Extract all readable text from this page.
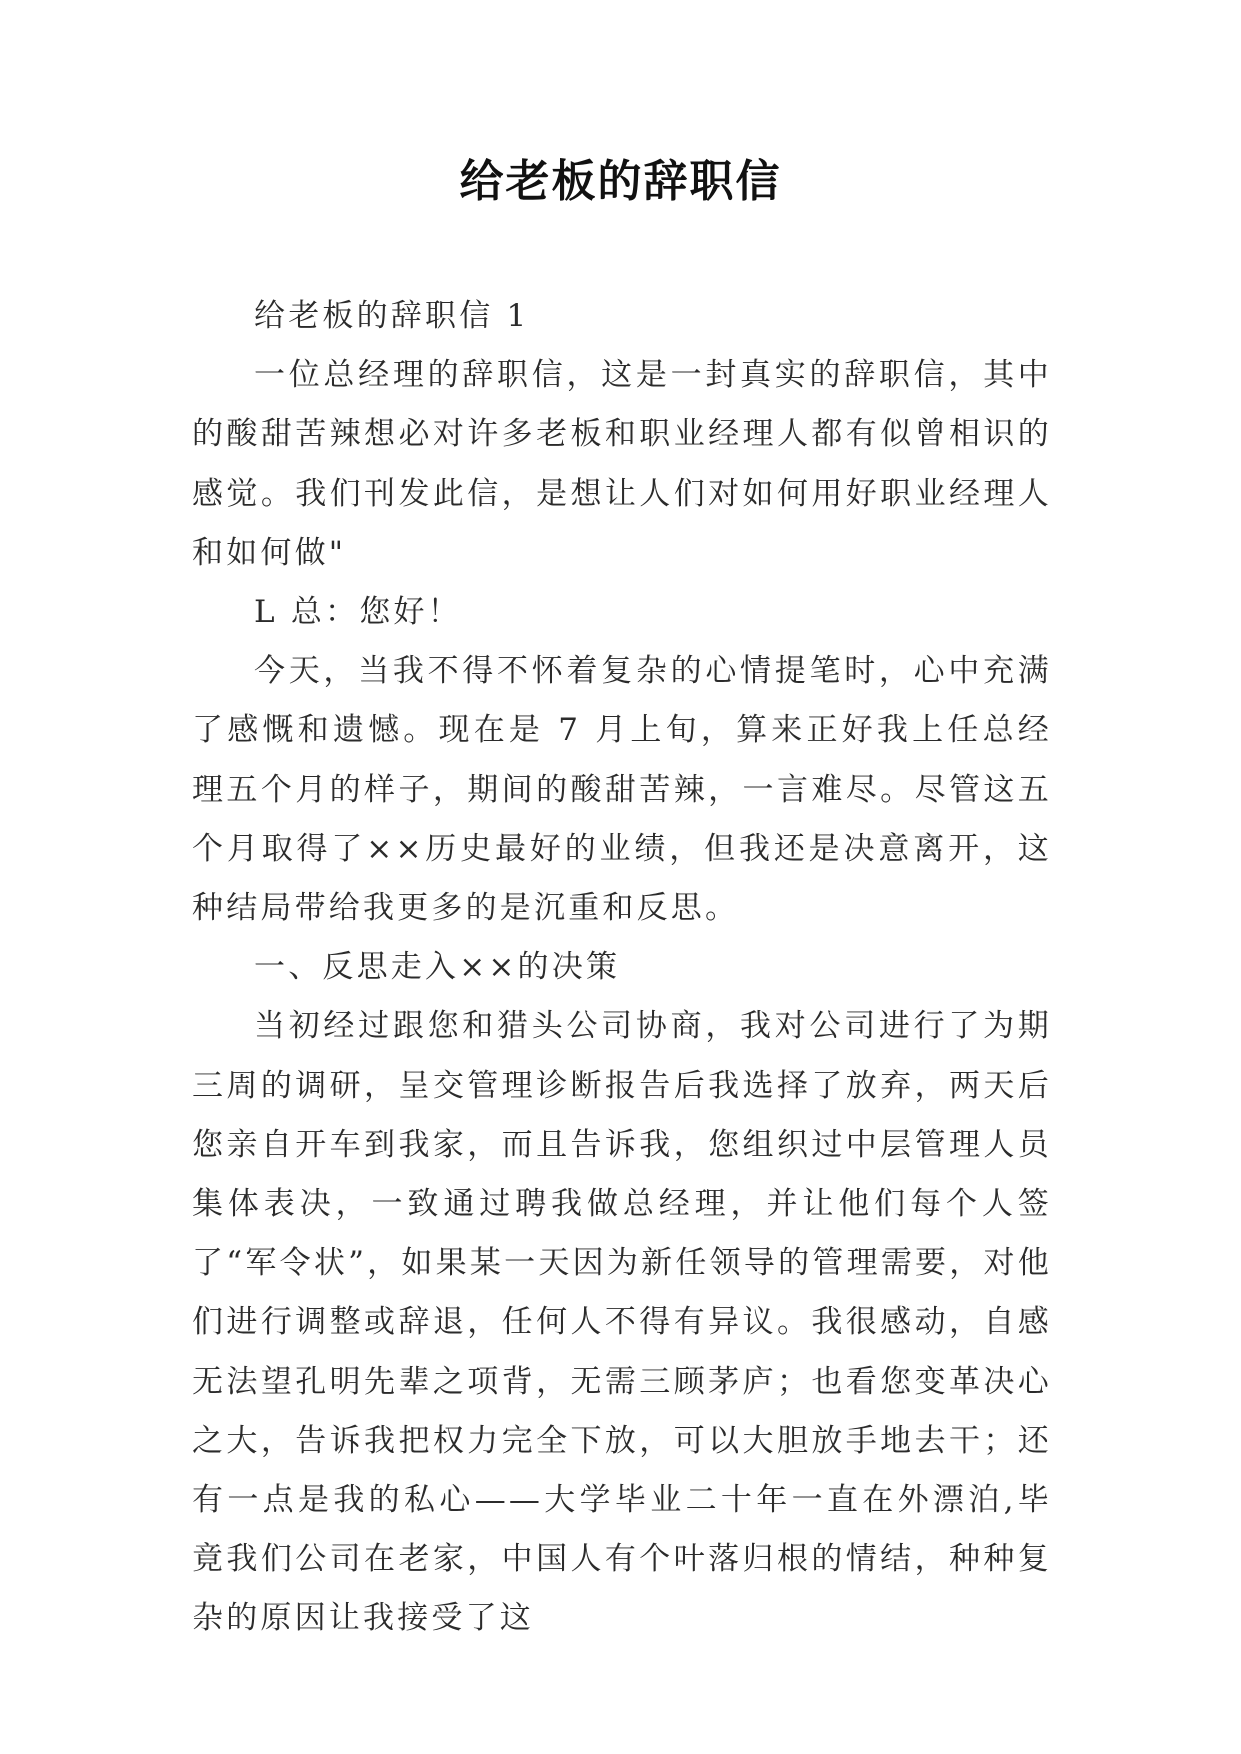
给老板的辞职信

给老板的辞职信 1

一位总经理的辞职信，这是一封真实的辞职信，其中的酸甜苦辣想必对许多老板和职业经理人都有似曾相识的感觉。我们刊发此信，是想让人们对如何用好职业经理人和如何做"

L 总：您好！

今天，当我不得不怀着复杂的心情提笔时，心中充满了感慨和遗憾。现在是 7 月上旬，算来正好我上任总经理五个月的样子，期间的酸甜苦辣，一言难尽。尽管这五个月取得了××历史最好的业绩，但我还是决意离开，这种结局带给我更多的是沉重和反思。

一、反思走入××的决策

当初经过跟您和猎头公司协商，我对公司进行了为期三周的调研，呈交管理诊断报告后我选择了放弃，两天后您亲自开车到我家，而且告诉我，您组织过中层管理人员集体表决，一致通过聘我做总经理，并让他们每个人签了“军令状”，如果某一天因为新任领导的管理需要，对他们进行调整或辞退，任何人不得有异议。我很感动，自感无法望孔明先辈之项背，无需三顾茅庐；也看您变革决心之大，告诉我把权力完全下放，可以大胆放手地去干；还有一点是我的私心——大学毕业二十年一直在外漂泊,毕竟我们公司在老家，中国人有个叶落归根的情结，种种复杂的原因让我接受了这
